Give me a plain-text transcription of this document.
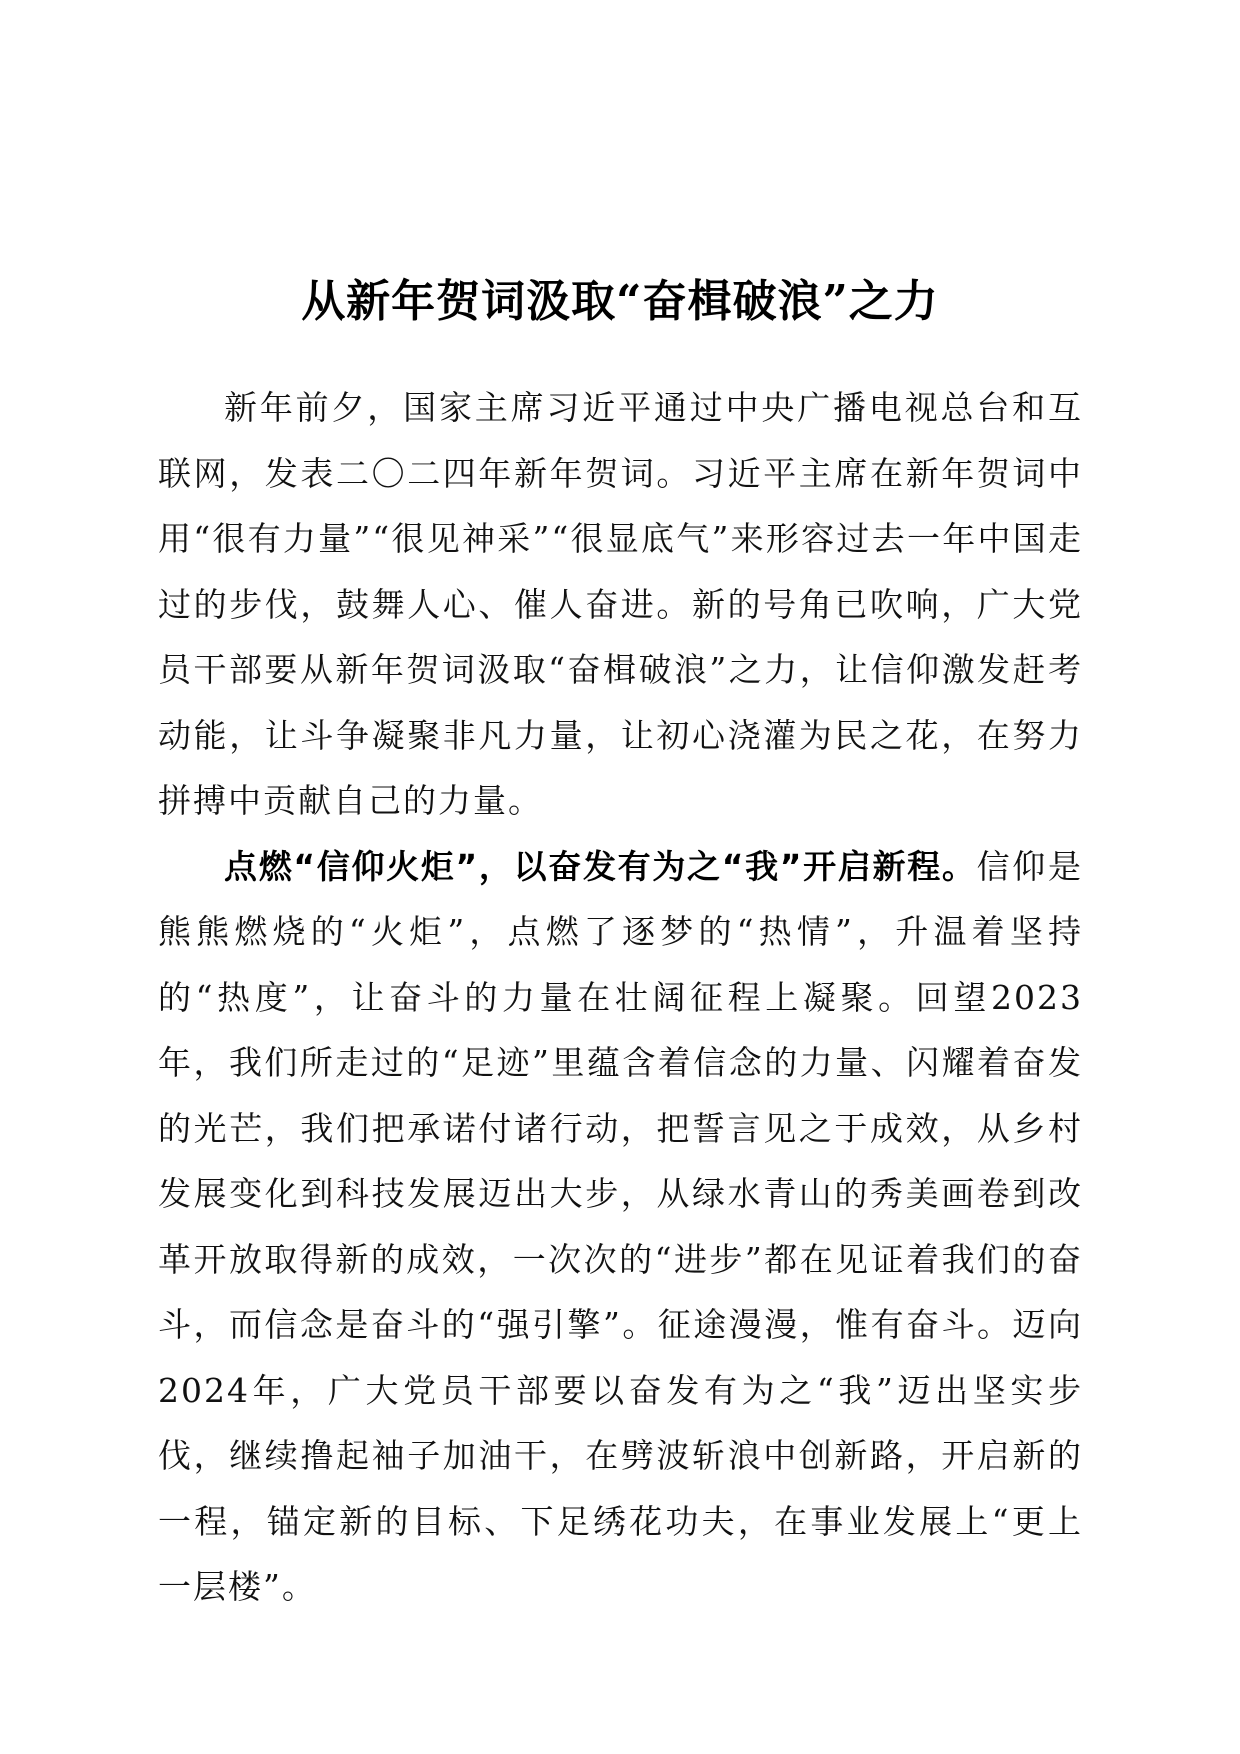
从新年贺词汲取“奋楫破浪”之力

新年前夕，国家主席习近平通过中央广播电视总台和互联网，发表二〇二四年新年贺词。习近平主席在新年贺词中用“很有力量”“很见神采”“很显底气”来形容过去一年中国走过的步伐，鼓舞人心、催人奋进。新的号角已吹响，广大党员干部要从新年贺词汲取“奋楫破浪”之力，让信仰激发赶考动能，让斗争凝聚非凡力量，让初心浇灌为民之花，在努力拼搏中贡献自己的力量。

点燃“信仰火炬”，以奋发有为之“我”开启新程。信仰是熊熊燃烧的“火炬”，点燃了逐梦的“热情”，升温着坚持的“热度”，让奋斗的力量在壮阔征程上凝聚。回望2023年，我们所走过的“足迹”里蕴含着信念的力量、闪耀着奋发的光芒，我们把承诺付诸行动，把誓言见之于成效，从乡村发展变化到科技发展迈出大步，从绿水青山的秀美画卷到改革开放取得新的成效，一次次的“进步”都在见证着我们的奋斗，而信念是奋斗的“强引擎”。征途漫漫，惟有奋斗。迈向2024年，广大党员干部要以奋发有为之“我”迈出坚实步伐，继续撸起袖子加油干，在劈波斩浪中创新路，开启新的一程，锚定新的目标、下足绣花功夫，在事业发展上“更上一层楼”。
